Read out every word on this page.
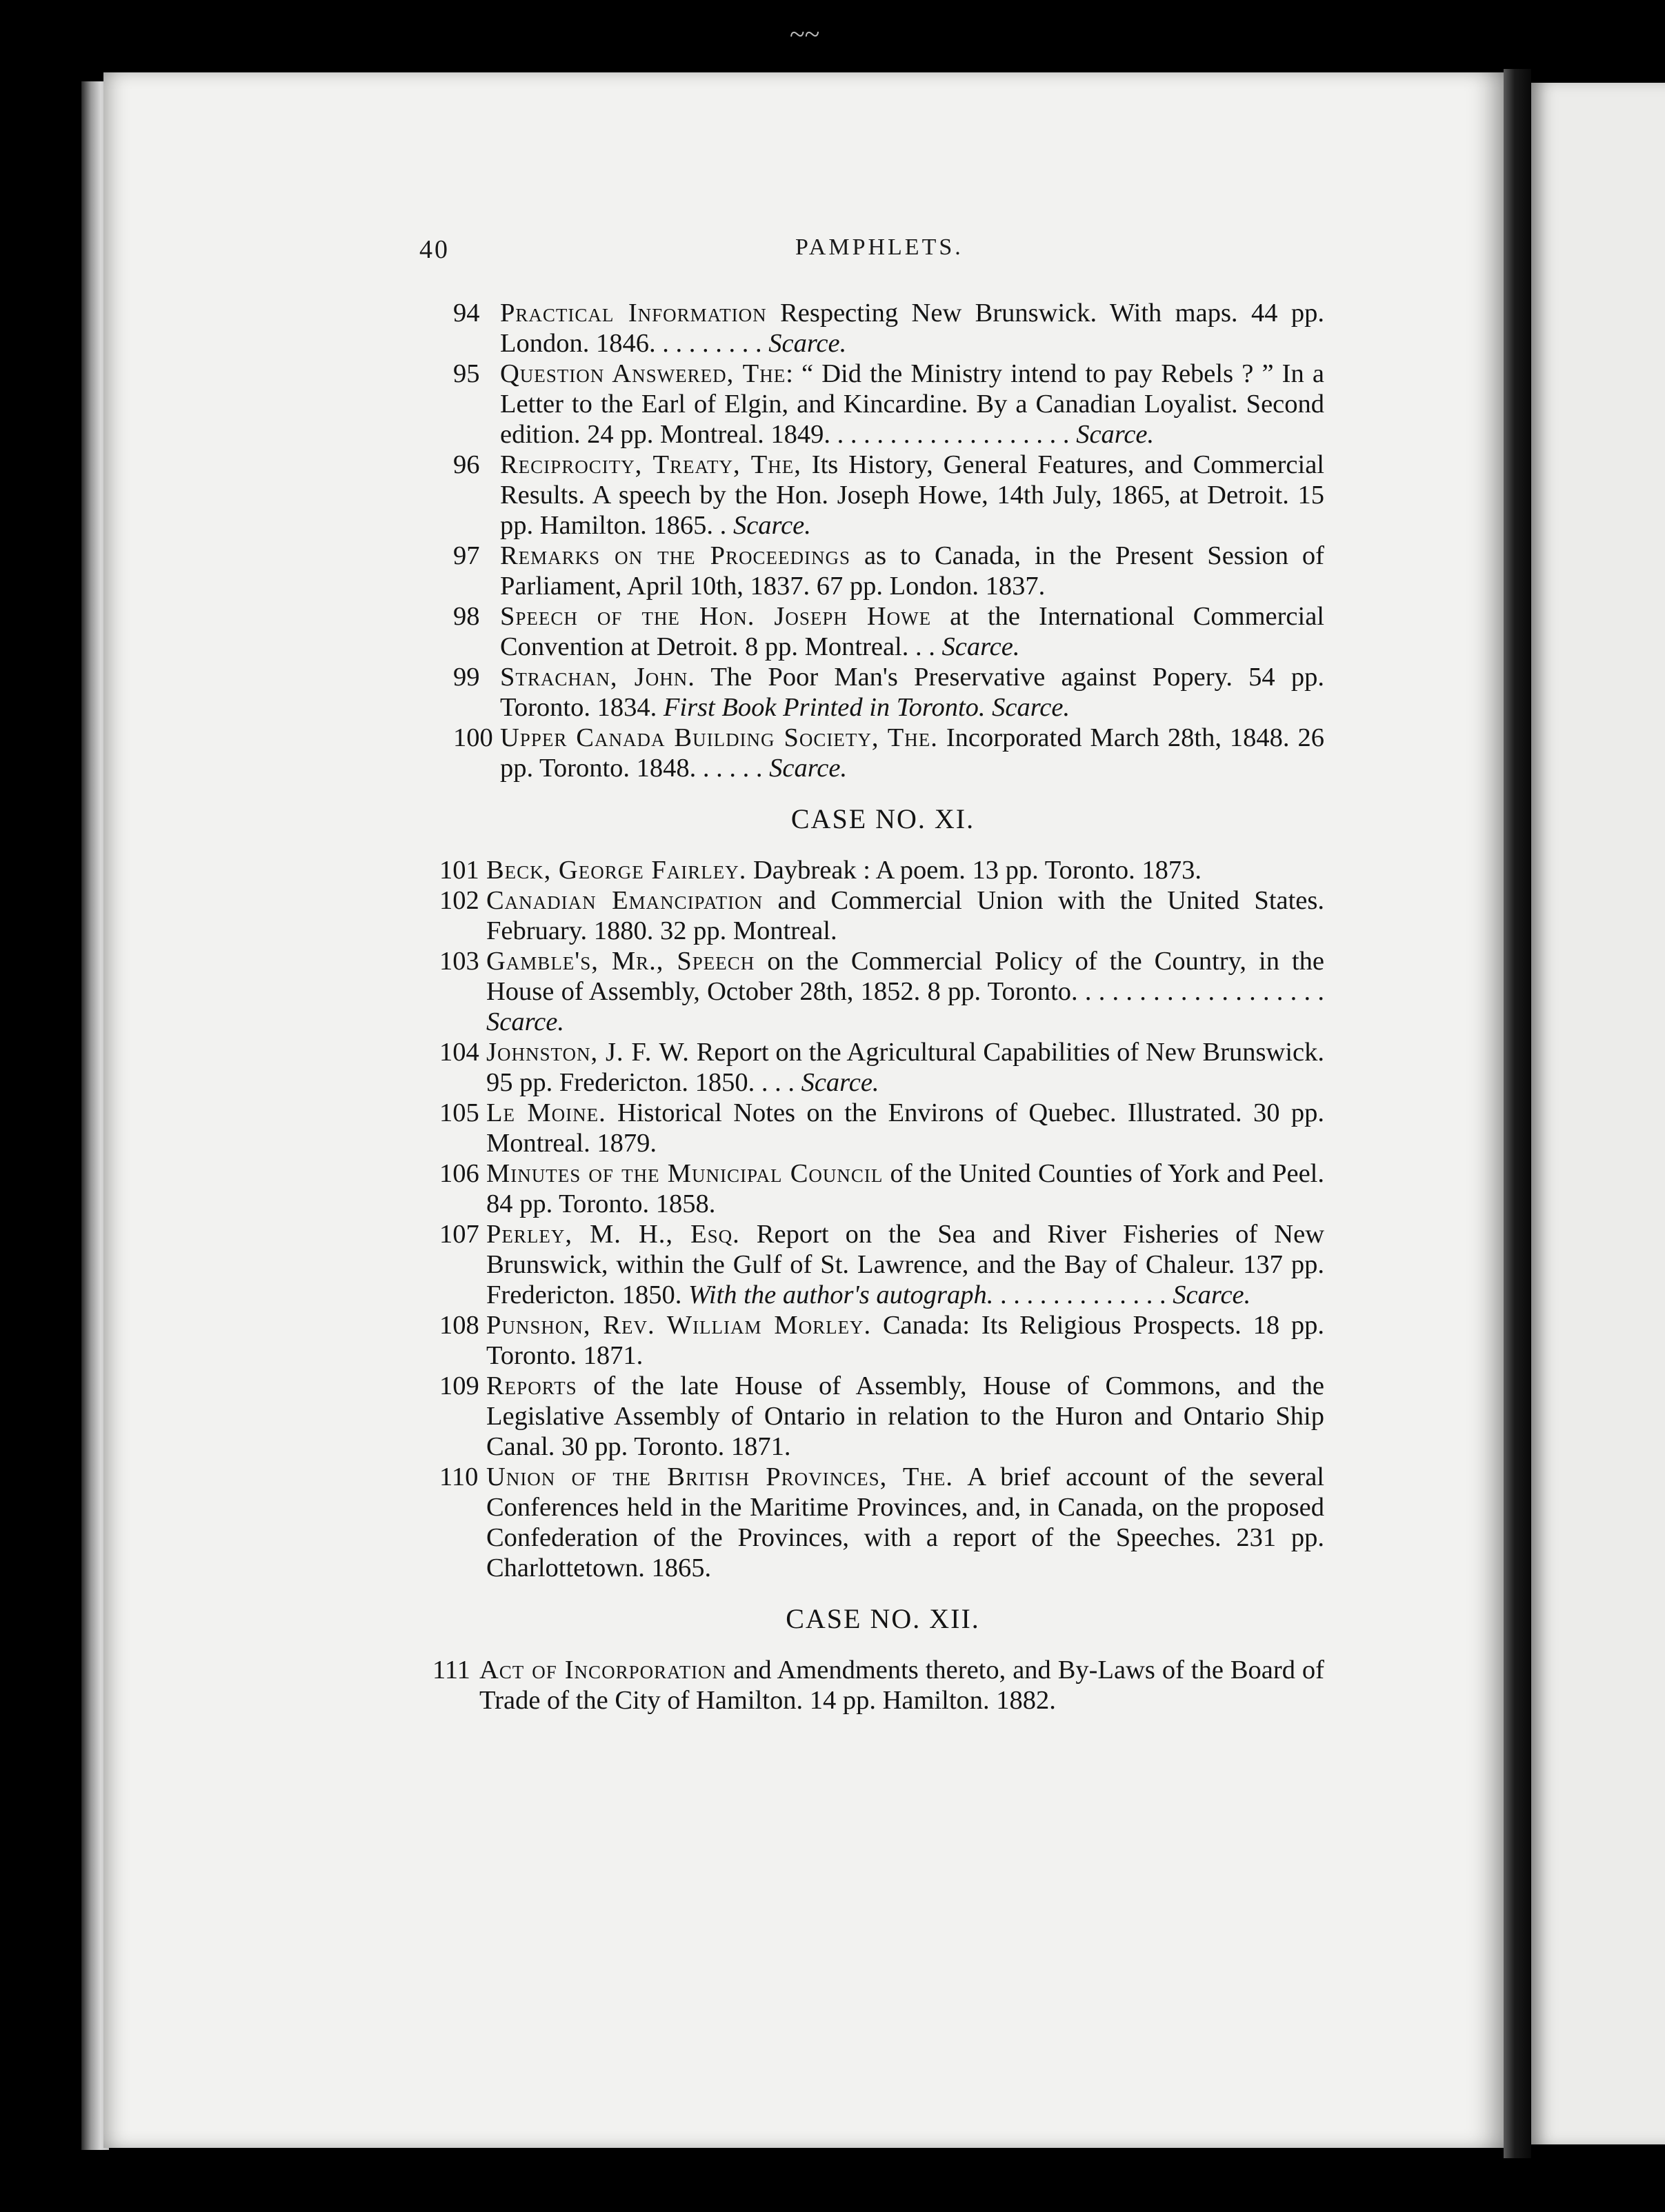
~~
40	PAMPHLETS.

94 Practical Information Respecting New Brunswick. With maps. 44 pp. London. 1846. . . . . . . . . Scarce.

95 Question Answered, The: “ Did the Ministry intend to pay Rebels ? ” In a Letter to the Earl of Elgin, and Kincardine. By a Canadian Loyalist. Second edition. 24 pp. Montreal. 1849. . . . . . . . . . . . . . . . . . . Scarce.

96 Reciprocity, Treaty, The, Its History, General Features, and Commercial Results. A speech by the Hon. Joseph Howe, 14th July, 1865, at Detroit. 15 pp. Hamilton. 1865. . Scarce.

97 Remarks on the Proceedings as to Canada, in the Present Session of Parliament, April 10th, 1837. 67 pp. London. 1837.

98 Speech of the Hon. Joseph Howe at the International Commercial Convention at Detroit. 8 pp. Montreal. . . Scarce.

99 Strachan, John. The Poor Man's Preservative against Popery. 54 pp. Toronto. 1834. First Book Printed in Toronto. Scarce.

100 Upper Canada Building Society, The. Incorporated March 28th, 1848. 26 pp. Toronto. 1848. . . . . . Scarce.

CASE NO. XI.

101 Beck, George Fairley. Daybreak : A poem. 13 pp. Toronto. 1873.

102 Canadian Emancipation and Commercial Union with the United States. February. 1880. 32 pp. Montreal.

103 Gamble's, Mr., Speech on the Commercial Policy of the Country, in the House of Assembly, October 28th, 1852. 8 pp. Toronto. . . . . . . . . . . . . . . . . . . Scarce.

104 Johnston, J. F. W. Report on the Agricultural Capabilities of New Brunswick. 95 pp. Fredericton. 1850. . . . Scarce.

105 Le Moine. Historical Notes on the Environs of Quebec. Illustrated. 30 pp. Montreal. 1879.

106 Minutes of the Municipal Council of the United Counties of York and Peel. 84 pp. Toronto. 1858.

107 Perley, M. H., Esq. Report on the Sea and River Fisheries of New Brunswick, within the Gulf of St. Lawrence, and the Bay of Chaleur. 137 pp. Fredericton. 1850. With the author's autograph. . . . . . . . . . . . . . Scarce.

108 Punshon, Rev. William Morley. Canada: Its Religious Prospects. 18 pp. Toronto. 1871.

109 Reports of the late House of Assembly, House of Commons, and the Legislative Assembly of Ontario in relation to the Huron and Ontario Ship Canal. 30 pp. Toronto. 1871.

110 Union of the British Provinces, The. A brief account of the several Conferences held in the Maritime Provinces, and, in Canada, on the proposed Confederation of the Provinces, with a report of the Speeches. 231 pp. Charlottetown. 1865.

CASE NO. XII.

111 Act of Incorporation and Amendments thereto, and By-Laws of the Board of Trade of the City of Hamilton. 14 pp. Hamilton. 1882.
